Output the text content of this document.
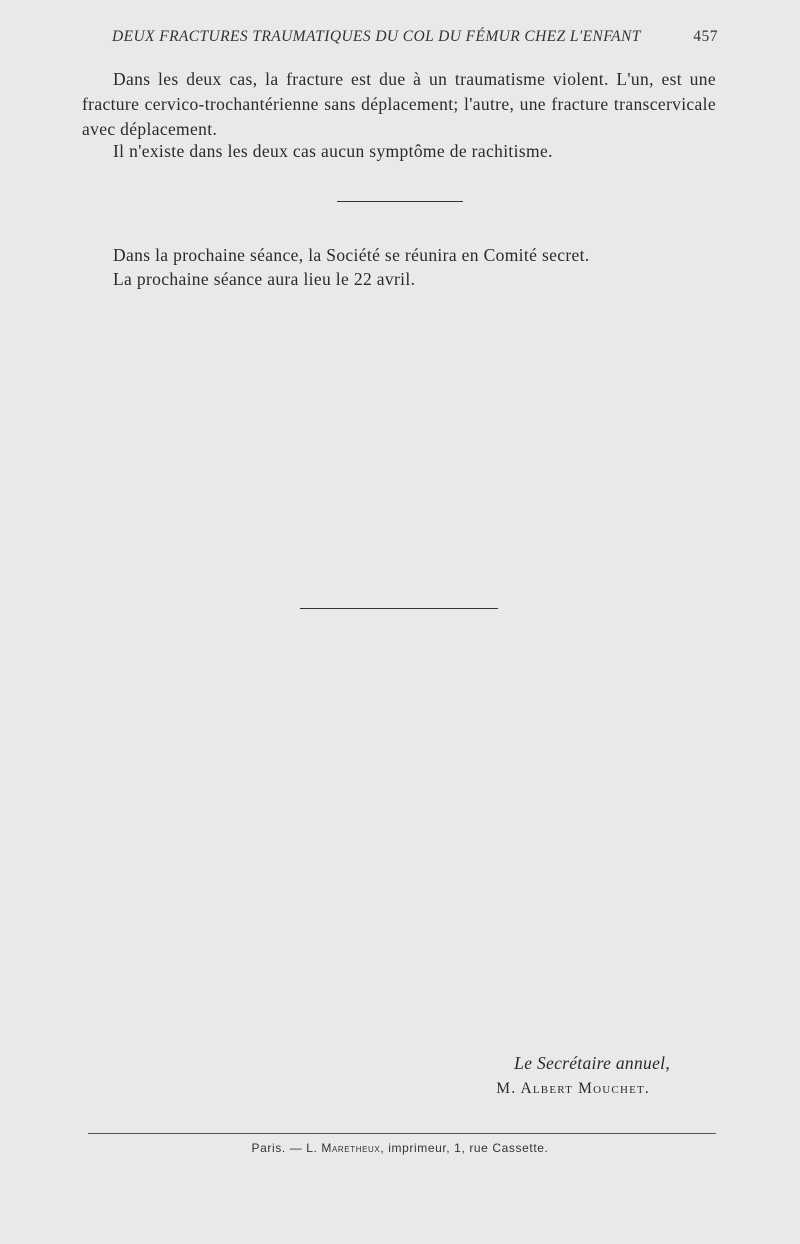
DEUX FRACTURES TRAUMATIQUES DU COL DU FÉMUR CHEZ L'ENFANT	457

Dans les deux cas, la fracture est due à un traumatisme violent. L'un, est une fracture cervico-trochantérienne sans déplacement; l'autre, une fracture transcervicale avec déplacement.

Il n'existe dans les deux cas aucun symptôme de rachitisme.

Dans la prochaine séance, la Société se réunira en Comité secret.

La prochaine séance aura lieu le 22 avril.

Le Secrétaire annuel,
M. Albert Mouchet.
Paris. — L. Maretheux, imprimeur, 1, rue Cassette.
